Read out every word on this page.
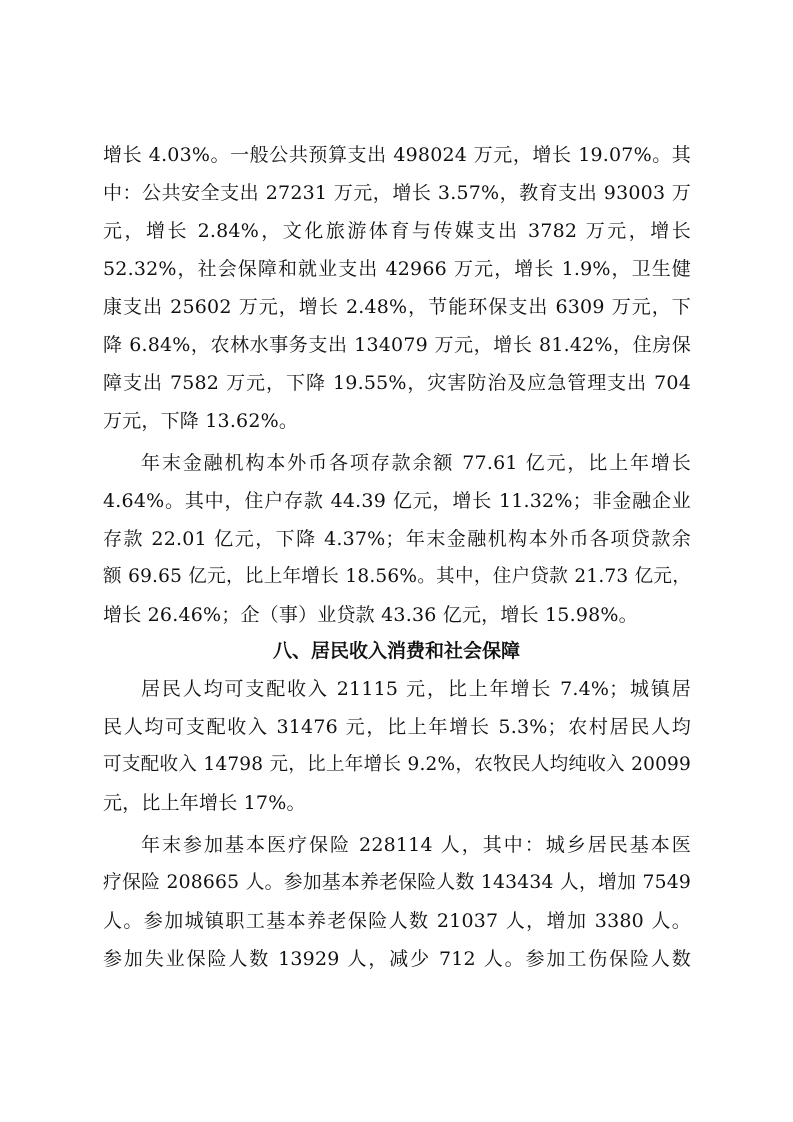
增长 4.03%。一般公共预算支出 498024 万元，增长 19.07%。其
中：公共安全支出 27231 万元，增长 3.57%，教育支出 93003 万
元，增长 2.84%，文化旅游体育与传媒支出 3782 万元，增长
52.32%，社会保障和就业支出 42966 万元，增长 1.9%，卫生健
康支出 25602 万元，增长 2.48%，节能环保支出 6309 万元，下
降 6.84%，农林水事务支出 134079 万元，增长 81.42%，住房保
障支出 7582 万元，下降 19.55%，灾害防治及应急管理支出 704
万元，下降 13.62%。
年末金融机构本外币各项存款余额 77.61 亿元，比上年增长
4.64%。其中，住户存款 44.39 亿元，增长 11.32%；非金融企业
存款 22.01 亿元，下降 4.37%；年末金融机构本外币各项贷款余
额 69.65 亿元，比上年增长 18.56%。其中，住户贷款 21.73 亿元，
增长 26.46%；企（事）业贷款 43.36 亿元，增长 15.98%。
八、居民收入消费和社会保障
居民人均可支配收入 21115 元，比上年增长 7.4%；城镇居
民人均可支配收入 31476 元，比上年增长 5.3%；农村居民人均
可支配收入 14798 元，比上年增长 9.2%，农牧民人均纯收入 20099
元，比上年增长 17%。
年末参加基本医疗保险 228114 人，其中：城乡居民基本医
疗保险 208665 人。参加基本养老保险人数 143434 人，增加 7549
人。参加城镇职工基本养老保险人数 21037 人，增加 3380 人。
参加失业保险人数 13929 人，减少 712 人。参加工伤保险人数
